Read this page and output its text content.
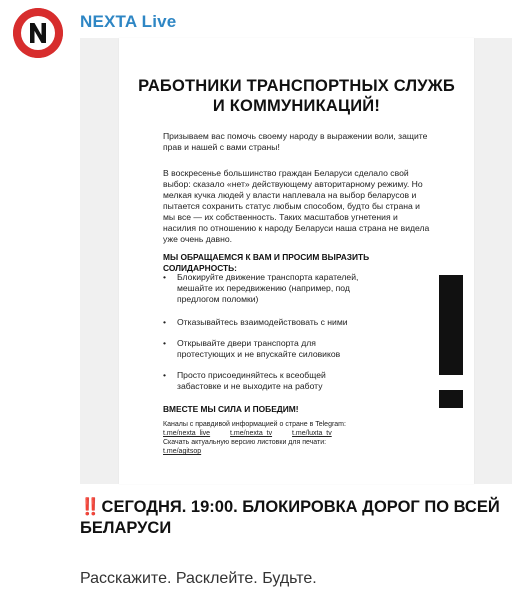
NEXTA Live
РАБОТНИКИ ТРАНСПОРТНЫХ СЛУЖБ И КОММУНИКАЦИЙ!
Призываем вас помочь своему народу в выражении воли, защите прав и нашей с вами страны!
В воскресенье большинство граждан Беларуси сделало свой выбор: сказало «нет» действующему авторитарному режиму. Но мелкая кучка людей у власти наплевала на выбор беларусов и пытается сохранить статус любым способом, будто бы страна и мы все — их собственность. Таких масштабов угнетения и насилия по отношению к народу Беларуси наша страна не видела уже очень давно.
МЫ ОБРАЩАЕМСЯ К ВАМ И ПРОСИМ ВЫРАЗИТЬ СОЛИДАРНОСТЬ:
• Блокируйте движение транспорта карателей, мешайте их передвижению (например, под предлогом поломки)
• Отказывайтесь взаимодействовать с ними
• Открывайте двери транспорта для протестующих и не впускайте силовиков
• Просто присоединяйтесь к всеобщей забастовке и не выходите на работу
ВМЕСТЕ МЫ СИЛА И ПОБЕДИМ!
Каналы с правдивой информацией о стране в Telegram:
t.me/nexta_live	t.me/nexta_tv	t.me/luxta_tv
Скачать актуальную версию листовки для печати:
t.me/agitsop
‼️ СЕГОДНЯ. 19:00. БЛОКИРОВКА ДОРОГ ПО ВСЕЙ БЕЛАРУСИ
Расскажите. Расклейте. Будьте.
